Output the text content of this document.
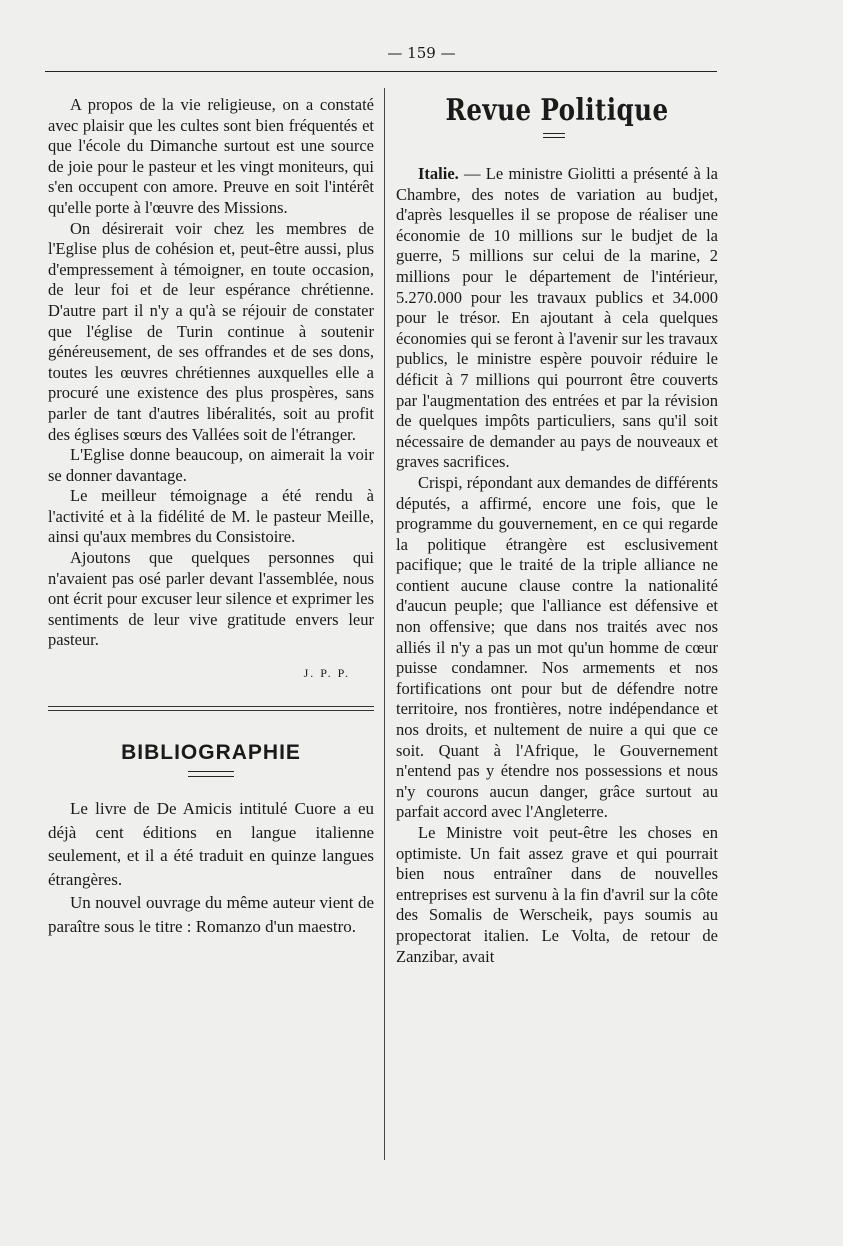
— 159 —

A propos de la vie religieuse, on a constaté avec plaisir que les cultes sont bien fréquentés et que l'école du Dimanche surtout est une source de joie pour le pasteur et les vingt moniteurs, qui s'en occupent con amore. Preuve en soit l'intérêt qu'elle porte à l'œuvre des Missions.

On désirerait voir chez les membres de l'Eglise plus de cohésion et, peut-être aussi, plus d'empressement à témoigner, en toute occasion, de leur foi et de leur espérance chrétienne. D'autre part il n'y a qu'à se réjouir de constater que l'église de Turin continue à soutenir généreusement, de ses offrandes et de ses dons, toutes les œuvres chrétiennes auxquelles elle a procuré une existence des plus prospères, sans parler de tant d'autres libéralités, soit au profit des églises sœurs des Vallées soit de l'étranger.

L'Eglise donne beaucoup, on aimerait la voir se donner davantage.

Le meilleur témoignage a été rendu à l'activité et à la fidélité de M. le pasteur Meille, ainsi qu'aux membres du Consistoire.

Ajoutons que quelques personnes qui n'avaient pas osé parler devant l'assemblée, nous ont écrit pour excuser leur silence et exprimer les sentiments de leur vive gratitude envers leur pasteur.

J. P. P.
BIBLIOGRAPHIE

Le livre de De Amicis intitulé Cuore a eu déjà cent éditions en langue italienne seulement, et il a été traduit en quinze langues étrangères.

Un nouvel ouvrage du même auteur vient de paraître sous le titre : Romanzo d'un maestro.

Revue Politique

Italie. — Le ministre Giolitti a présenté à la Chambre, des notes de variation au budjet, d'après lesquelles il se propose de réaliser une économie de 10 millions sur le budjet de la guerre, 5 millions sur celui de la marine, 2 millions pour le département de l'intérieur, 5.270.000 pour les travaux publics et 34.000 pour le trésor. En ajoutant à cela quelques économies qui se feront à l'avenir sur les travaux publics, le ministre espère pouvoir réduire le déficit à 7 millions qui pourront être couverts par l'augmentation des entrées et par la révision de quelques impôts particuliers, sans qu'il soit nécessaire de demander au pays de nouveaux et graves sacrifices.

Crispi, répondant aux demandes de différents députés, a affirmé, encore une fois, que le programme du gouvernement, en ce qui regarde la politique étrangère est esclusivement pacifique; que le traité de la triple alliance ne contient aucune clause contre la nationalité d'aucun peuple; que l'alliance est défensive et non offensive; que dans nos traités avec nos alliés il n'y a pas un mot qu'un homme de cœur puisse condamner. Nos armements et nos fortifications ont pour but de défendre notre territoire, nos frontières, notre indépendance et nos droits, et nultement de nuire a qui que ce soit. Quant à l'Afrique, le Gouvernement n'entend pas y étendre nos possessions et nous n'y courons aucun danger, grâce surtout au parfait accord avec l'Angleterre.

Le Ministre voit peut-être les choses en optimiste. Un fait assez grave et qui pourrait bien nous entraîner dans de nouvelles entreprises est survenu à la fin d'avril sur la côte des Somalis de Werscheik, pays soumis au propectorat italien. Le Volta, de retour de Zanzibar, avait
